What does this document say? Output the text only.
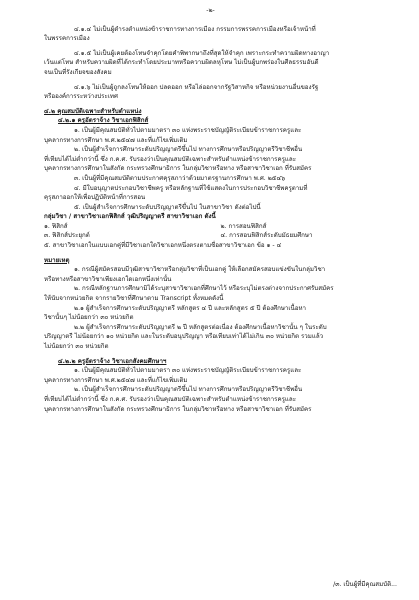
-๒-

๔.๑.๔ ไม่เป็นผู้ดำรงตำแหน่งข้าราชการทางการเมือง กรรมการพรรคการเมืองหรือเจ้าหน้าที่

ในพรรคการเมือง

๔.๑.๕ ไม่เป็นผู้เคยต้องโทษจำคุกโดยคำพิพากษาถึงที่สุดให้จำคุก เพราะกระทำความผิดทางอาญา

เว้นแต่โทษ สำหรับความผิดที่ได้กระทำโดยประมาทหรือความผิดลหุโทษ ไม่เป็นผู้บกพร่องในศีลธรรมอันดี

จนเป็นที่รังเกียจของสังคม

๔.๑.๖ ไม่เป็นผู้ถูกลงโทษให้ออก ปลดออก หรือไล่ออกจากรัฐวิสาหกิจ หรือหน่วยงานอื่นของรัฐ

หรือองค์การระหว่างประเทศ

๔.๒ คุณสมบัติเฉพาะสำหรับตำแหน่ง

๔.๒.๑ ครูอัตราจ้าง วิชาเอกฟิสิกส์

๑. เป็นผู้มีคุณสมบัติทั่วไปตามมาตรา ๓๐ แห่งพระราชบัญญัติระเบียบข้าราชการครูและ

บุคลากรทางการศึกษา พ.ศ.๒๕๔๗ และที่แก้ไขเพิ่มเติม

๒. เป็นผู้สำเร็จการศึกษาระดับปริญญาตรีขึ้นไป ทางการศึกษาหรือปริญญาตรีวิชาชีพอื่น

ที่เทียบได้ไม่ต่ำกว่านี้ ซึ่ง ก.ค.ศ. รับรองว่าเป็นคุณสมบัติเฉพาะสำหรับตำแหน่งข้าราชการครูและ

บุคลากรทางการศึกษาในสังกัด กระทรวงศึกษาธิการ ในกลุ่มวิชาหรือทาง หรือสาขาวิชาเอก ที่รับสมัคร

๓. เป็นผู้ที่มีคุณสมบัติตามประกาศคุรุสภาว่าด้วยมาตรฐานการศึกษา พ.ศ. ๒๕๔๖

๔. มีใบอนุญาตประกอบวิชาชีพครู หรือหลักฐานที่ใช้แสดงในการประกอบวิชาชีพครูตามที่

คุรุสภาออกให้เพื่อปฏิบัติหน้าที่การสอน

๕. เป็นผู้สำเร็จการศึกษาระดับปริญญาตรีขึ้นไป ในสาขาวิชา ดังต่อไปนี้

กลุ่มวิชา / สาขาวิชาเอกฟิสิกส์ วุฒิปริญญาตรี สาขาวิชาเอก ดังนี้

๑. ฟิสิกส์	๒. การสอนฟิสิกส์
๓. ฟิสิกส์ประยุกต์	๔. การสอนฟิสิกส์ระดับมัธยมศึกษา

๕. สาขาวิชาเอกในแบบเอกคู่ที่มีวิชาเอกใดวิชาเอกหนึ่งตรงตามชื่อสาขาวิชาเอก ข้อ ๑ - ๔

หมายเหตุ

๑. กรณีผู้สมัครสอบมีวุฒิสาขาวิชาหรือกลุ่มวิชาที่เป็นเอกคู่ ให้เลือกสมัครสอบแข่งขันในกลุ่มวิชา

หรือทางหรือสาขาวิชาเพียงเอกใดเอกหนึ่งเท่านั้น

๒. กรณีหลักฐานการศึกษามิได้ระบุสาขาวิชาเอกที่ศึกษาไว้ หรือระบุไม่ตรงต่างจากประกาศรับสมัคร

ให้นับจากหน่วยกิต จากรายวิชาที่ศึกษาตาม Transcript ทั้งหมดดังนี้

๒.๑ ผู้สำเร็จการศึกษาระดับปริญญาตรี หลักสูตร ๔ ปี และหลักสูตร ๕ ปี ต้องศึกษาเนื้อหา

วิชานั้นๆ ไม่น้อยกว่า ๓๐ หน่วยกิต

๒.๒ ผู้สำเร็จการศึกษาระดับปริญญาตรี ๒ ปี หลักสูตรต่อเนื่อง ต้องศึกษาเนื้อหาวิชานั้น ๆ ในระดับ

ปริญญาตรี ไม่น้อยกว่า ๑๐ หน่วยกิต และในระดับอนุปริญญา หรือเทียบเท่าได้ไม่เกิน ๓๐ หน่วยกิต รวมแล้ว

ไม่น้อยกว่า ๓๐ หน่วยกิต

๔.๒.๒ ครูอัตราจ้าง วิชาเอกสังคมศึกษาฯ

๑. เป็นผู้มีคุณสมบัติทั่วไปตามมาตรา ๓๐ แห่งพระราชบัญญัติระเบียบข้าราชการครูและ

บุคลากรทางการศึกษา พ.ศ.๒๕๔๗ และที่แก้ไขเพิ่มเติม

๒. เป็นผู้สำเร็จการศึกษาระดับปริญญาตรีขึ้นไป ทางการศึกษาหรือปริญญาตรีวิชาชีพอื่น

ที่เทียบได้ไม่ต่ำกว่านี้ ซึ่ง ก.ค.ศ. รับรองว่าเป็นคุณสมบัติเฉพาะสำหรับตำแหน่งข้าราชการครูและ

บุคลากรทางการศึกษาในสังกัด กระทรวงศึกษาธิการ ในกลุ่มวิชาหรือทาง หรือสาขาวิชาเอก ที่รับสมัคร

/๓. เป็นผู้ที่มีคุณสมบัติ...
